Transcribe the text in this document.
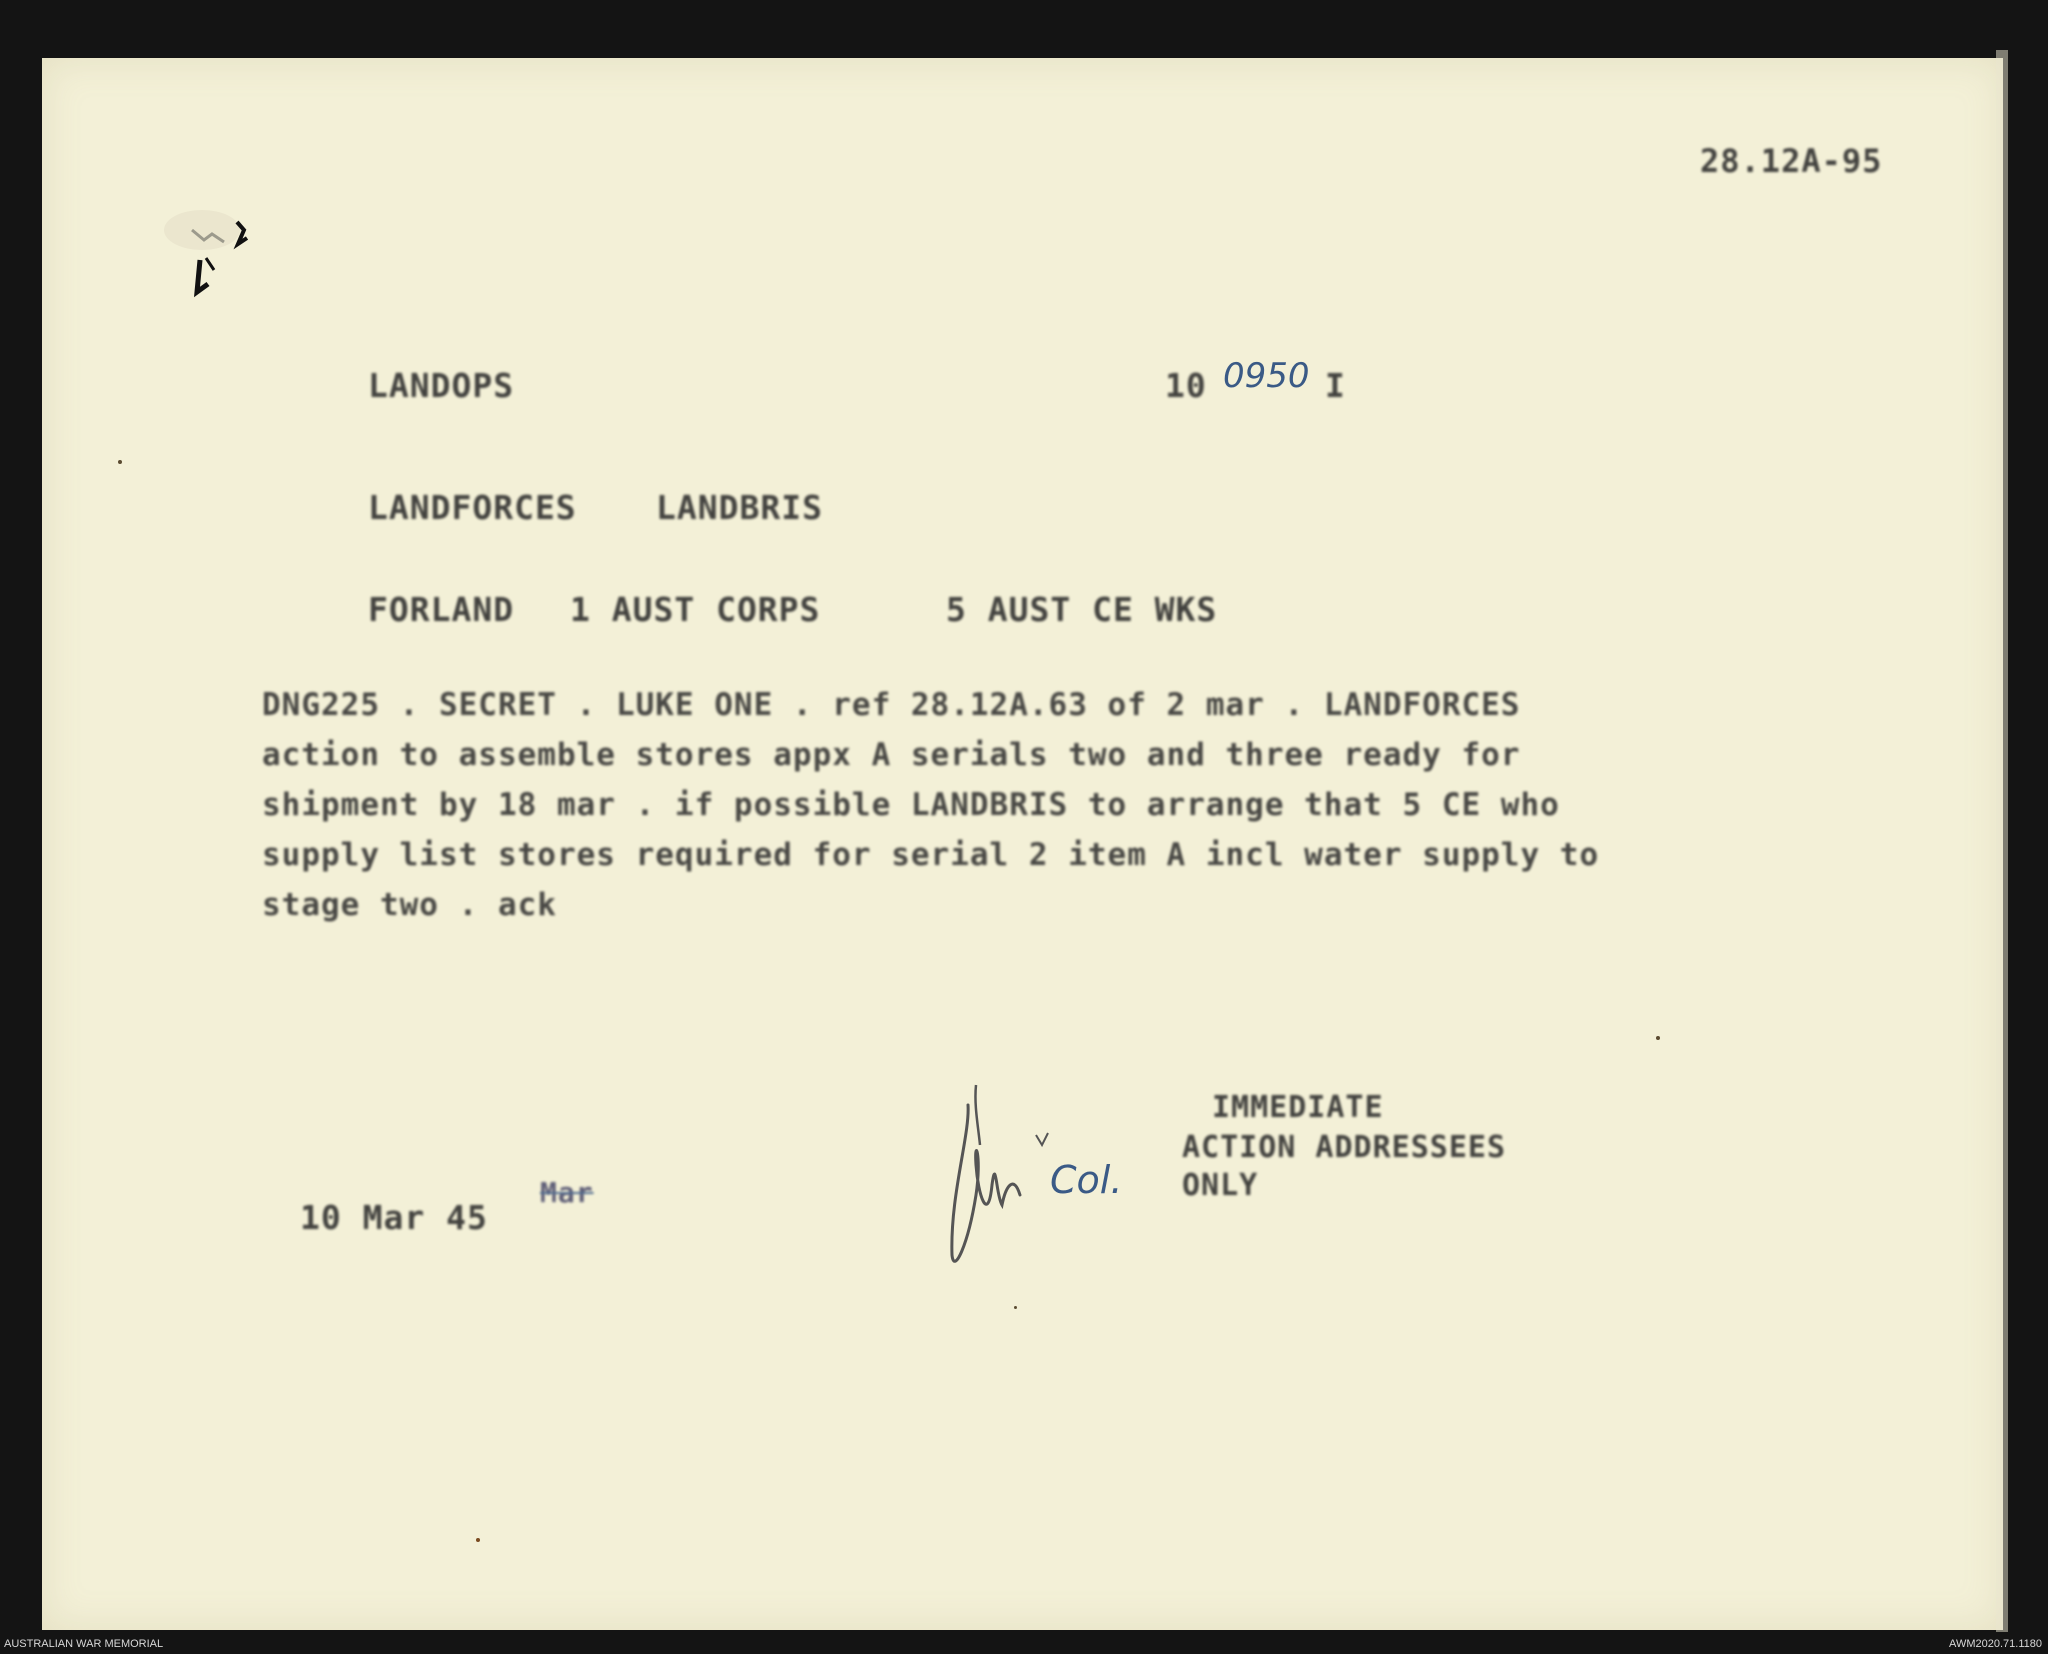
28.12A-95
LANDOPS	10 0950 I
LANDFORCES LANDBRIS
FORLAND 1 AUST CORPS	5 AUST CE WKS
DNG225 . SECRET . LUKE ONE . ref 28.12A.63 of 2 mar . LANDFORCES
action to assemble stores appx A serials two and three ready for
shipment by 18 mar . if possible LANDBRIS to arrange that 5 CE who
supply list stores required for serial 2 item A incl water supply to
stage two . ack
IMMEDIATE
ACTION ADDRESSEES
ONLY
Col.
10 Mar 45
Mar
AUSTRALIAN WAR MEMORIAL	AWM2020.71.1180
